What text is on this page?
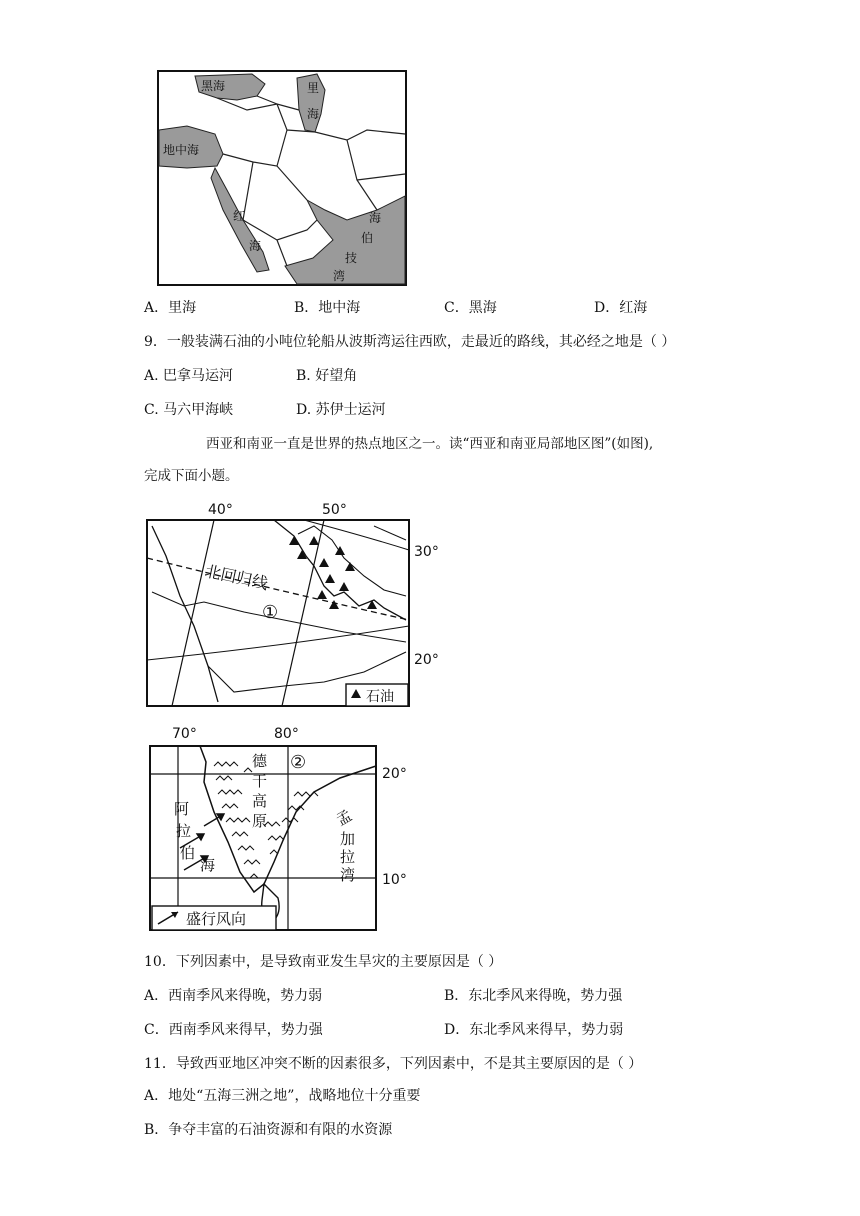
黑海	里
海
地中海
红
海
海
伯
技
湾
A．里海	B．地中海	C．黑海	D．红海
9．一般装满石油的小吨位轮船从波斯湾运往西欧，走最近的路线，其必经之地是（ ）
A. 巴拿马运河	B. 好望角
C. 马六甲海峡	D. 苏伊士运河
西亚和南亚一直是世界的热点地区之一。读“西亚和南亚局部地区图”(如图),
完成下面小题。
40°	50°
30°
20°
北回归线
①
石油
70°	80°
20°
10°
②
德
干
高
原
阿
拉
伯
海
孟
加
拉
湾
盛行风向
10．下列因素中，是导致南亚发生旱灾的主要原因是（ ）
A．西南季风来得晚，势力弱	B．东北季风来得晚，势力强
C．西南季风来得早，势力强	D．东北季风来得早，势力弱
11．导致西亚地区冲突不断的因素很多，下列因素中，不是其主要原因的是（ ）
A．地处“五海三洲之地”，战略地位十分重要
B．争夺丰富的石油资源和有限的水资源
